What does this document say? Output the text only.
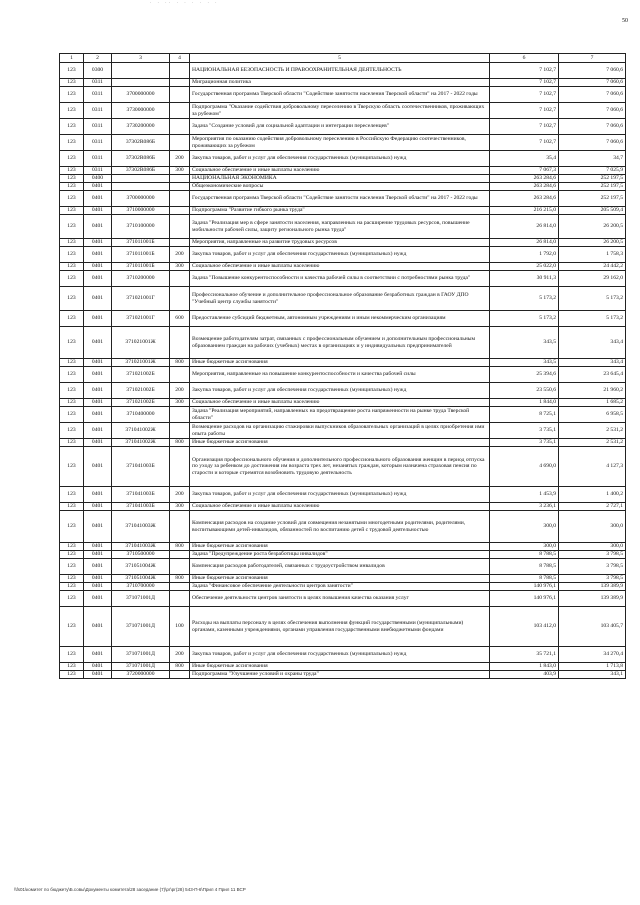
' ' '' ' ' ' ' ' '
50
1	2	3	4	5	6	7
123	0300			НАЦИОНАЛЬНАЯ БЕЗОПАСНОСТЬ И ПРАВООХРАНИТЕЛЬНАЯ ДЕЯТЕЛЬНОСТЬ	7 102,7	7 060,6
123	0311			Миграционная политика	7 102,7	7 060,6
123	0311	3700000000		Государственная программа Тверской области "Содействие занятости населения Тверской области" на 2017 - 2022 годы	7 102,7	7 060,6
123	0311	3730000000		Подпрограмма "Оказание содействия добровольному переселению в Тверскую область соотечественников, проживающих за рубежом"	7 102,7	7 060,6
123	0311	3730200000		Задача "Создание условий для социальной адаптации и интеграции переселенцев"	7 102,7	7 060,6
123	0311	37302R086Б		Мероприятия по оказанию содействия добровольному переселению в Российскую Федерацию соотечественников, проживающих за рубежом	7 102,7	7 060,6
123	0311	37302R086Б	200	Закупка товаров, работ и услуг для обеспечения государственных (муниципальных) нужд	35,4	34,7
123	0311	37302R086Б	300	Социальное обеспечение и иные выплаты населению	7 067,3	7 025,9
123	0400			НАЦИОНАЛЬНАЯ ЭКОНОМИКА	263 284,6	252 197,5
123	0401			Общеэкономические вопросы	263 284,6	252 197,5
123	0401	3700000000		Государственная программа Тверской области "Содействие занятости населения Тверской области" на 2017 - 2022 годы	263 284,6	252 197,5
123	0401	3710000000		Подпрограмма "Развитие гибкого рынка труда"	216 215,0	205 509,4
123	0401	3710100000		Задача "Реализация мер в сфере занятости населения, направленных на расширение трудовых ресурсов, повышение мобильности рабочей силы, защиту регионального рынка труда"	26 814,0	26 200,5
123	0401	371011001Б		Мероприятия, направленные на развитие трудовых ресурсов	26 814,0	26 200,5
123	0401	371011001Б	200	Закупка товаров, работ и услуг для обеспечения государственных (муниципальных) нужд	1 792,0	1 758,3
123	0401	371011001Б	300	Социальное обеспечение и иные выплаты населению	25 022,0	24 442,2
123	0401	3710200000		Задача "Повышение конкурентоспособности и качества рабочей силы в соответствии с потребностями рынка труда"	30 911,3	29 162,0
123	0401	371021001Г		Профессиональное обучение и дополнительное профессиональное образование безработных граждан в ГАОУ ДПО "Учебный центр службы занятости"	5 173,2	5 173,2
123	0401	371021001Г	600	Предоставление субсидий бюджетным, автономным учреждениям и иным некоммерческим организациям	5 173,2	5 173,2
123	0401	371021001Ж		Возмещение работодателям затрат, связанных с профессиональным обучением и дополнительным профессиональным образованием граждан на рабочих (учебных) местах в организациях и у индивидуальных предпринимателей	343,5	343,4
123	0401	371021001Ж	800	Иные бюджетные ассигнования	343,5	343,4
123	0401	371021002Б		Мероприятия, направленные на повышение конкурентоспособности и качества рабочей силы	25 394,6	23 645,4
123	0401	371021002Б	200	Закупка товаров, работ и услуг для обеспечения государственных (муниципальных) нужд	23 550,6	21 960,2
123	0401	371021002Б	300	Социальное обеспечение и иные выплаты населению	1 844,0	1 685,2
123	0401	3710400000		Задача "Реализация мероприятий, направленных на предотвращение роста напряженности на рынке труда Тверской области"	8 725,1	6 958,5
123	0401	371041002Ж		Возмещение расходов на организацию стажировки выпускников образовательных организаций в целях приобретения ими опыта работы	3 735,1	2 531,2
123	0401	371041002Ж	800	Иные бюджетные ассигнования	3 735,1	2 531,2
123	0401	371041003Б		Организация профессионального обучения и дополнительного профессионального образования женщин в период отпуска по уходу за ребенком до достижения им возраста трех лет, незанятых граждан, которым назначена страховая пенсия по старости и которые стремятся возобновить трудовую деятельность	4 690,0	4 127,3
123	0401	371041003Б	200	Закупка товаров, работ и услуг для обеспечения государственных (муниципальных) нужд	1 453,9	1 400,2
123	0401	371041003Б	300	Социальное обеспечение и иные выплаты населению	3 236,1	2 727,1
123	0401	371041003Ж		Компенсация расходов на создание условий для совмещения незанятыми многодетными родителями, родителями, воспитывающими детей-инвалидов, обязанностей по воспитанию детей с трудовой деятельностью	300,0	300,0
123	0401	371041003Ж	800	Иные бюджетные ассигнования	300,0	300,0
123	0401	3710500000		Задача "Предупреждение роста безработицы инвалидов"	8 788,5	3 798,5
123	0401	371051004Ж		Компенсация расходов работодателей, связанных с трудоустройством инвалидов	8 788,5	3 798,5
123	0401	371051004Ж	800	Иные бюджетные ассигнования	8 788,5	3 798,5
123	0401	3710700000		Задача "Финансовое обеспечение деятельности центров занятости"	140 976,1	139 389,9
123	0401	371071001Д		Обеспечение деятельности центров занятости в целях повышения качества оказания услуг	140 976,1	139 389,9
123	0401	371071001Д	100	Расходы на выплаты персоналу в целях обеспечения выполнения функций государственными (муниципальными) органами, казенными учреждениями, органами управления государственными внебюджетными фондами	103 412,0	103 405,7
123	0401	371071001Д	200	Закупка товаров, работ и услуг для обеспечения государственных (муниципальных) нужд	35 721,1	34 270,4
123	0401	371071001Д	800	Иные бюджетные ассигнования	1 843,0	1 713,8
123	0401	3720000000		Подпрограмма "Улучшение условий и охраны труда"	403,9	343,1
\\fs01\комитет по бюджету\Б.совы\Документы комитета\28 заседание (7)\рг\рг(28) 543-П-6\Прил 4 Прил 11 ВСР
